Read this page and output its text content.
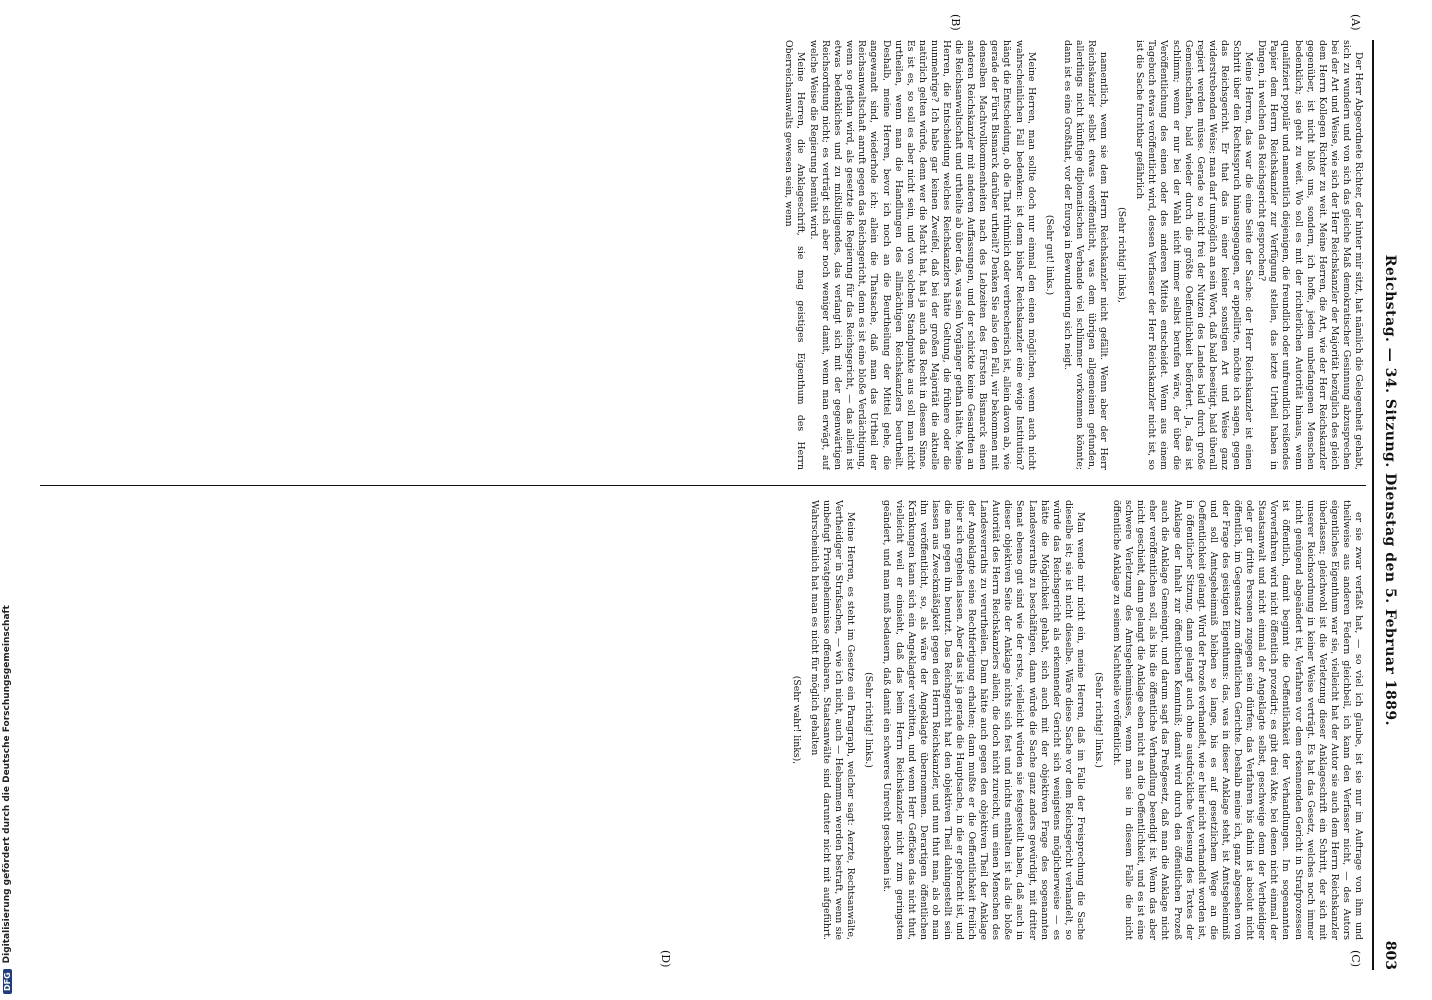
Reichstag. — 34. Sitzung. Dienstag den 5. Februar 1889.
803
(A)
(B)
(C)
(D)

Der Herr Abgeordnete Richter, der hinter mir sitzt, hat nämlich die Gelegenheit gehabt, sich zu wundern und von sich das gleiche Maß demokratischer Gesinnung abzusprechen bei der Art und Weise, wie sich der Herr Reichskanzler der Majorität bezüglich des gleich dem Herrn Kollegen Richter zu weit. Meine Herren, die Art, wie der Herr Reichskanzler gegenüber, ist nicht bloß uns, sondern, ich hoffe, jedem unbefangenen Menschen bedenklich; sie geht zu weit. Wo soll es mit der richterlichen Autorität hinaus, wenn qualifiziert populär und namentlich diejenigen, die freundlich oder unfreundlich reißendes Papier dem Herrn Reichskanzler zur Verfügung stellen, das letzte Urtheil haben in Dingen, in welchen das Reichsgericht gesprochen?

Meine Herren, das war die eine Seite der Sache: der Herr Reichskanzler ist einen Schritt über den Rechtsspruch hinausgegangen, er appellirte, möchte ich sagen, gegen das Reichsgericht. Er that das in einer keiner sonstigen Art und Weise ganz widerstrebenden Weise; man darf unmöglich an sein Wort, daß bald beseitigt, bald überall regiert werden müsse. Gerade so nicht frei der Nutzen des Landes bald durch große Gemeinschaften, bald wieder durch die größte Oeffentlichkeit befördert. Ja, das ist schlimm; wenn er nur bei der Wahl nicht immer selbst berufen wäre, der über die Veröffentlichung des einen oder des anderen Mittels entscheidet. Wenn aus einem Tagebuch etwas veröffentlicht wird, dessen Verfasser der Herr Reichskanzler nicht ist, so ist die Sache furchtbar gefährlich

(Sehr richtig! links),

namentlich, wenn sie dem Herrn Reichskanzler nicht gefällt. Wenn aber der Herr Reichskanzler selbst etwas veröffentlicht, was dem übrigen allgemeinen gefunden, allerdings nicht künftige diplomatischen Verbande viel schlimmer vorkommen könnte; dann ist es eine Großthat, vor der Europa in Bewunderung sich neigt.

(Sehr gut! links.)

Meine Herren, man sollte doch nur einmal den einen möglichen, wenn auch nicht wahrscheinlichen Fall bedenken: ist denn bisher Reichskanzler eine ewige Institution? hängt die Entscheidung, ob die That rühmlich oder verbrecherisch ist, allein davon ab, wie gerade der Fürst Bismarck darüber urtheilt? Denken Sie also den Fall, wir bekommen mit denselben Machtvollkommenheiten nach des Lebzeiten des Fürsten Bismarck einen anderen Reichskanzler mit anderen Auffassungen, und der schickte keine Gesandten an die Reichsanwaltschaft und urtheilte ab über das, was sein Vorgänger gethan hätte. Meine Herren, die Entscheidung welches Reichskanzlers hätte Geltung, die frühere oder die nunmehrige? Ich habe gar keinen Zweifel, daß bei der großen Majorität die aktuelle natürlich gelten würde, denn wer die Macht hat, hat ja auch das Recht in diesem Sinne. Es ist es, so soll es aber nicht sein, und von solchem Standpunkte aus soll man nicht urtheilen, wenn man die Handlungen des allmächtigen Reichskanzlers beurtheilt. Deshalb, meine Herren, bevor ich noch an die Beurtheilung der Mittel gehe, die angewandt sind, wiederhole ich: allein die Thatsache, daß man das Urtheil der Reichsanwaltschaft anruft gegen das Reichsgericht, denn es ist eine bloße Verdächtigung, wenn so gethan wird, als gesetzte die Regierung für das Reichsgericht, — das allein ist etwas bedenkliches und zu mißbilligendes, das verlangt sich mit der gegenwärtigen Reichsordnung nicht; es verträgt sich aber noch weniger damit, wenn man erwägt, auf welche Weise die Regierung bemüht wird.

Meine Herren, die Anklageschrift, sie mag geistiges Eigenthum des Herrn Oberreichsanwalts gewesen sein, wenn

er sie zwar verfaßt hat, — so viel ich glaube, ist sie nur im Auftrage von ihm und theilweise aus anderen Federn gleichbeil, ich kann den Verfasser nicht, — des Autors eigentliches Eigenthum war sie, vielleicht hat der Autor sie auch dem Herrn Reichskanzler überlassen; gleichwohl ist die Verletzung dieser Anklageschrift ein Schritt, der sich mit unserer Reichsordnung in keiner Weise verträgt. Es hat das Gesetz, welches noch immer nicht genügend abgeändert ist, Verfahren vor dem erkennenden Gericht in Strafprozessen ist öffentlich, damit beginnt die Oeffentlichkeit der Verhandlungen. Im sogenannten Vorverfahren wird nicht öffentlich prozedirt; es gibt drei Akte, bei denen nicht einmal der Staatsanwalt und nicht einmal der Angeklagte selbst, geschweige denn der Vertheidiger oder gar dritte Personen zugegen sein dürfen; das Verfahren bis dahin ist absolut nicht öffentlich, im Gegensatz zum öffentlichen Gerichte. Deshalb meine ich, ganz abgesehen von der Frage des geistigen Eigenthums: das, was in dieser Anklage steht, ist Amtsgeheimniß und soll Amtsgeheimniß bleiben so lange, bis es auf gesetzlichem Wege an die Oeffentlichkeit gelangt. Wird der Prozeß verhandelt, wie er hier nicht verhandelt worden ist, in öffentlicher Sitzung, dann gelangt auch ohne ausdrückliche Verlesung des Textes der Anklage der Inhalt zur öffentlichen Kenntniß; damit wird durch den öffentlichen Prozeß auch die Anklage Gemeingut, und darum sagt das Preßgesetz, daß man die Anklage nicht eher veröffentlichen soll, als bis die öffentliche Verhandlung beendigt ist. Wenn das aber nicht geschieht, dann gelangt die Anklage eben nicht an die Oeffentlichkeit, und es ist eine schwere Verletzung des Amtsgeheimnisses, wenn man sie in diesem Falle die nicht öffentliche Anklage zu seinem Nachtheile veröffentlicht.

(Sehr richtig! links.)

Man wende mir nicht ein, meine Herren, daß im Falle der Freisprechung die Sache dieselbe ist; sie ist nicht dieselbe. Wäre diese Sache vor dem Reichsgericht verhandelt, so würde das Reichsgericht als erkennender Gericht sich wenigstens möglicherweise — es hätte die Möglichkeit gehabt, sich auch mit der objektiven Frage des sogenannten Landesverraths zu beschäftigen, dann würde die Sache ganz anders gewürdigt, mit dritter Senat ebenso gut sind wie der erste, vielleicht würden sie festgestellt haben, daß auch in dieser objektiven Seite der Anklage nichts sich fest und nichts enthalten ist als die bloße Autorität des Herrn Reichskanzlers allein, die doch nicht zureicht, um einen Menschen des Landesverraths zu verurtheilen. Dann hätte auch gegen den objektiven Theil der Anklage der Angeklagte seine Rechtfertigung erhalten; dann mußte er die Oeffentlichkeit freilich über sich ergehen lassen. Aber das ist ja gerade die Hauptsache, in die er gebracht ist, und die man gegen ihn benutzt. Das Reichsgericht hat den objektiven Theil dahingestellt sein lassen aus Zweckmäßigkeit gegen den Herrn Reichskanzler, und nun thut man, als ob man ihn veröffentlicht, so, als wäre der Angeklagte übernommen. Derartigen öffentlichen Kränkungen kann sich ein Angeklagter verbitten, und wenn Herr Geffcken das nicht thut, vielleicht weil er einsieht, daß das beim Herrn Reichskanzler nicht zum geringsten geändert, und man muß bedauern, daß damit ein schweres Unrecht geschehen ist.

(Sehr richtig! links.)

Meine Herren, es steht im Gesetze ein Paragraph, welcher sagt: Aerzte, Rechtsanwälte, Vertheidiger in Strafsachen, — wie ich nicht, auch — Hebammen werden bestraft, wenn sie unbefugt Privatgeheimnisse offenbaren. Staatsanwälte sind darunter nicht mit aufgeführt. Wahrscheinlich hat man es nicht für möglich gehalten

(Sehr wahr! links),

DFG
Digitalisierung gefördert durch die Deutsche Forschungsgemeinschaft
